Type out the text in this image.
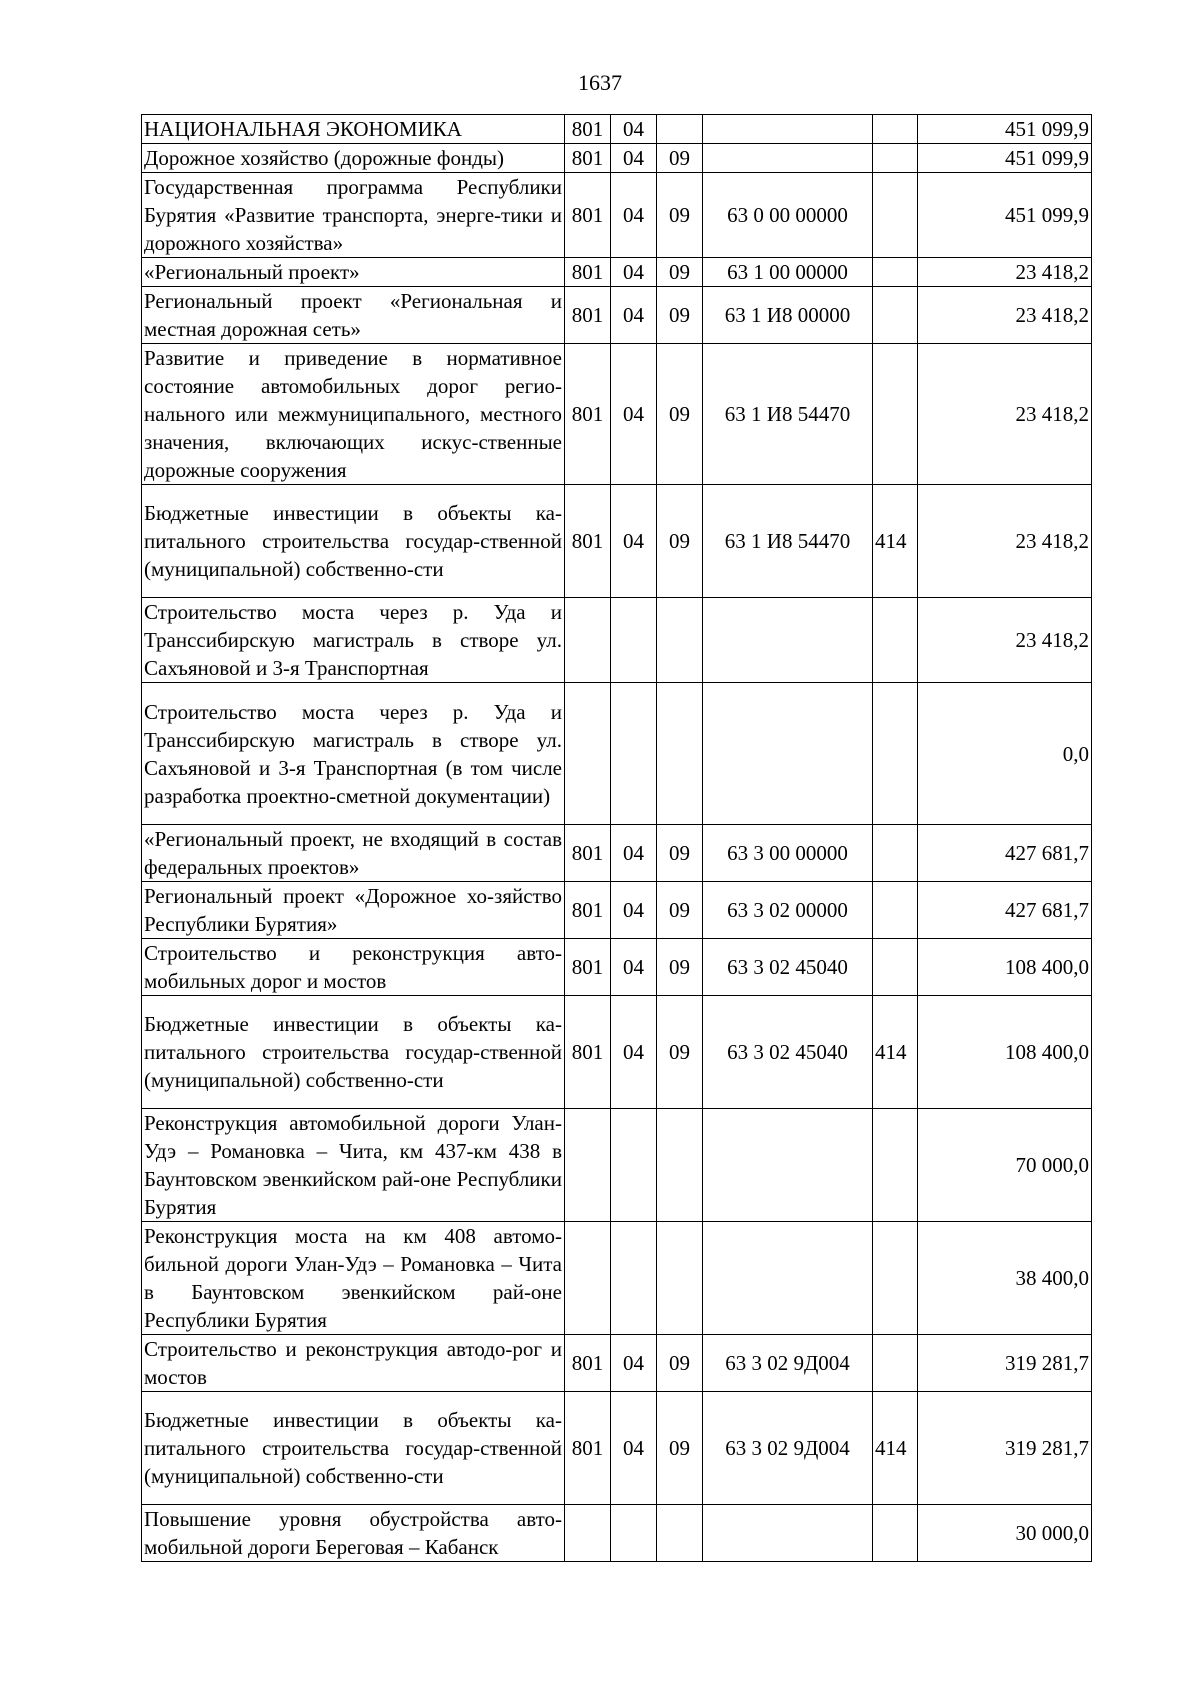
1637
НАЦИОНАЛЬНАЯ ЭКОНОМИКА	801	04				451 099,9
Дорожное хозяйство (дорожные фонды)	801	04	09			451 099,9
Государственная программа Республики Бурятия «Развитие транспорта, энерге-тики и дорожного хозяйства»	801	04	09	63 0 00 00000		451 099,9
«Региональный проект»	801	04	09	63 1 00 00000		23 418,2
Региональный проект «Региональная и местная дорожная сеть»	801	04	09	63 1 И8 00000		23 418,2
Развитие и приведение в нормативное состояние автомобильных дорог регио-нального или межмуниципального, местного значения, включающих искус-ственные дорожные сооружения	801	04	09	63 1 И8 54470		23 418,2
Бюджетные инвестиции в объекты ка-питального строительства государ-ственной (муниципальной) собственно-сти	801	04	09	63 1 И8 54470	414	23 418,2
Строительство моста через р. Уда и Транссибирскую магистраль в створе ул. Сахъяновой и 3-я Транспортная						23 418,2
Строительство моста через р. Уда и Транссибирскую магистраль в створе ул. Сахъяновой и 3-я Транспортная (в том числе разработка проектно-сметной документации)						0,0
«Региональный проект, не входящий в состав федеральных проектов»	801	04	09	63 3 00 00000		427 681,7
Региональный проект «Дорожное хо-зяйство Республики Бурятия»	801	04	09	63 3 02 00000		427 681,7
Строительство и реконструкция авто-мобильных дорог и мостов	801	04	09	63 3 02 45040		108 400,0
Бюджетные инвестиции в объекты ка-питального строительства государ-ственной (муниципальной) собственно-сти	801	04	09	63 3 02 45040	414	108 400,0
Реконструкция автомобильной дороги Улан-Удэ – Романовка – Чита, км 437-км 438 в Баунтовском эвенкийском рай-оне Республики Бурятия						70 000,0
Реконструкция моста на км 408 автомо-бильной дороги Улан-Удэ – Романовка – Чита в Баунтовском эвенкийском рай-оне Республики Бурятия						38 400,0
Строительство и реконструкция автодо-рог и мостов	801	04	09	63 3 02 9Д004		319 281,7
Бюджетные инвестиции в объекты ка-питального строительства государ-ственной (муниципальной) собственно-сти	801	04	09	63 3 02 9Д004	414	319 281,7
Повышение уровня обустройства авто-мобильной дороги Береговая – Кабанск						30 000,0
